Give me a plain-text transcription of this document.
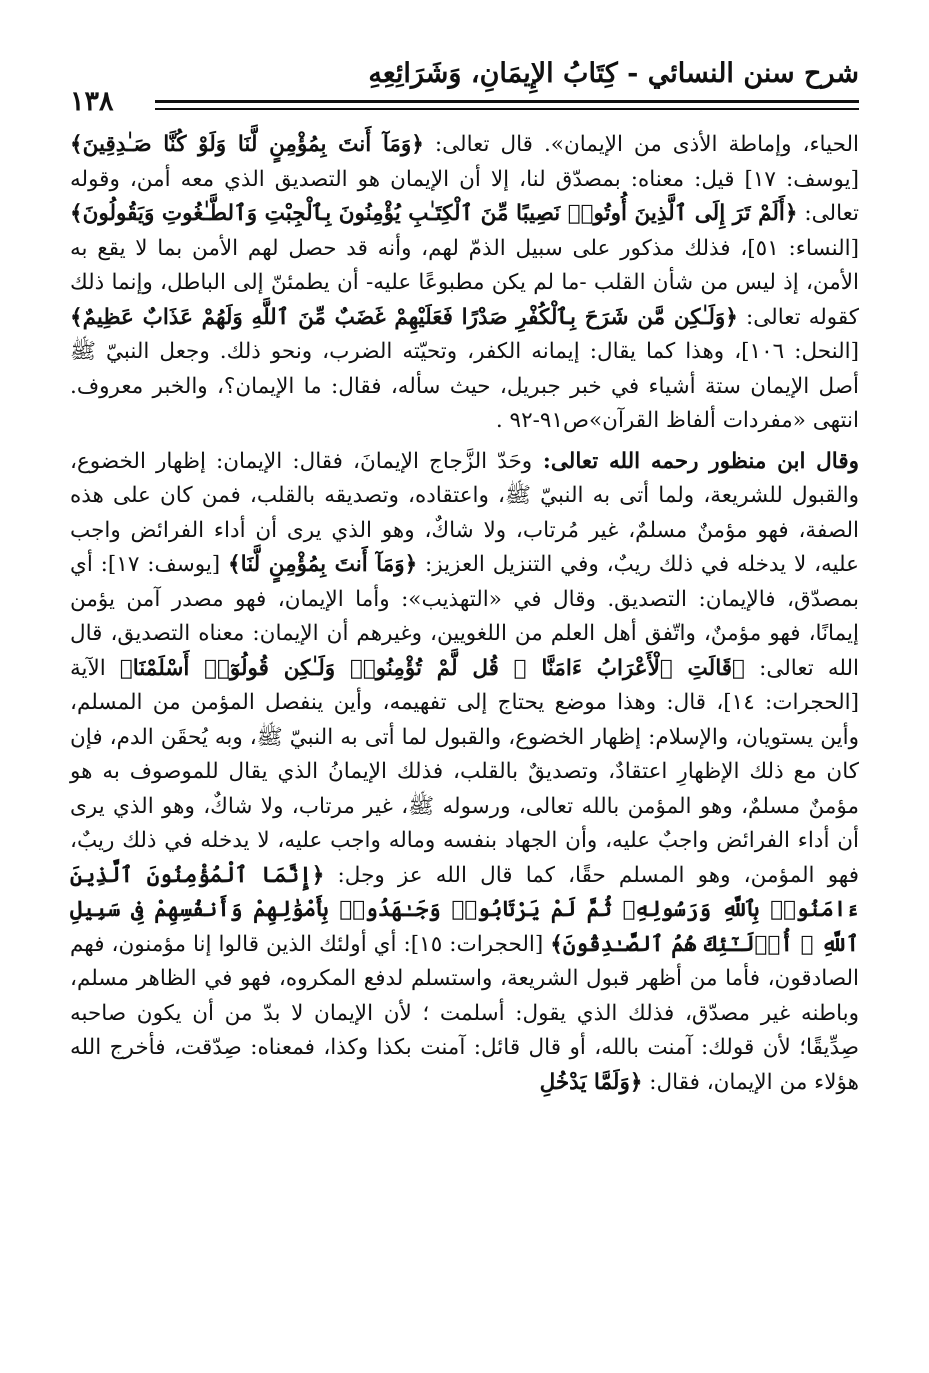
شرح سنن النسائي - كِتَابُ الإِيمَانِ، وَشَرَائِعِهِ
١٣٨

الحياء، وإماطة الأذى من الإيمان». قال تعالى: ﴿وَمَآ أَنتَ بِمُؤْمِنٍ لَّنَا وَلَوْ كُنَّا صَـٰدِقِينَ﴾ [يوسف: ١٧] قيل: معناه: بمصدّق لنا، إلا أن الإيمان هو التصديق الذي معه أمن، وقوله تعالى: ﴿أَلَمْ تَرَ إِلَى ٱلَّذِينَ أُوتُوا۟ نَصِيبًا مِّنَ ٱلْكِتَـٰبِ يُؤْمِنُونَ بِٱلْجِبْتِ وَٱلطَّـٰغُوتِ وَيَقُولُونَ﴾ [النساء: ٥١]، فذلك مذكور على سبيل الذمّ لهم، وأنه قد حصل لهم الأمن بما لا يقع به الأمن، إذ ليس من شأن القلب -ما لم يكن مطبوعًا عليه- أن يطمئنّ إلى الباطل، وإنما ذلك كقوله تعالى: ﴿وَلَـٰكِن مَّن شَرَحَ بِٱلْكُفْرِ صَدْرًا فَعَلَيْهِمْ غَضَبٌ مِّنَ ٱللَّهِ وَلَهُمْ عَذَابٌ عَظِيمٌ﴾ [النحل: ١٠٦]، وهذا كما يقال: إيمانه الكفر، وتحيّته الضرب، ونحو ذلك. وجعل النبيّ ﷺ أصل الإيمان ستة أشياء في خبر جبريل، حيث سأله، فقال: ما الإيمان؟، والخبر معروف. انتهى «مفردات ألفاظ القرآن»ص٩١-٩٢ .

وقال ابن منظور رحمه الله تعالى: وحَدّ الزَّجاج الإيمانَ، فقال: الإيمان: إظهار الخضوع، والقبول للشريعة، ولما أتى به النبيّ ﷺ، واعتقاده، وتصديقه بالقلب، فمن كان على هذه الصفة، فهو مؤمنٌ مسلمٌ، غير مُرتاب، ولا شاكٌ، وهو الذي يرى أن أداء الفرائض واجب عليه، لا يدخله في ذلك ريبٌ، وفي التنزيل العزيز: ﴿وَمَآ أَنتَ بِمُؤْمِنٍ لَّنَا﴾ [يوسف: ١٧]: أي بمصدّق، فالإيمان: التصديق. وقال في «التهذيب»: وأما الإيمان، فهو مصدر آمن يؤمن إيمانًا، فهو مؤمنٌ، واتّفق أهل العلم من اللغويين، وغيرهم أن الإيمان: معناه التصديق، قال الله تعالى: ﴿قَالَتِ ٱلْأَعْرَابُ ءَامَنَّا ۖ قُل لَّمْ تُؤْمِنُوا۟ وَلَـٰكِن قُولُوٓا۟ أَسْلَمْنَا﴾ الآية [الحجرات: ١٤]، قال: وهذا موضع يحتاج إلى تفهيمه، وأين ينفصل المؤمن من المسلم، وأين يستويان، والإسلام: إظهار الخضوع، والقبول لما أتى به النبيّ ﷺ، وبه يُحقَن الدم، فإن كان مع ذلك الإظهارِ اعتقادٌ، وتصديقٌ بالقلب، فذلك الإيمانُ الذي يقال للموصوف به هو مؤمنٌ مسلمٌ، وهو المؤمن بالله تعالى، ورسوله ﷺ، غير مرتاب، ولا شاكٌ، وهو الذي يرى أن أداء الفرائض واجبٌ عليه، وأن الجهاد بنفسه وماله واجب عليه، لا يدخله في ذلك ريبٌ، فهو المؤمن، وهو المسلم حقًا، كما قال الله عز وجل: ﴿إِنَّمَا ٱلْمُؤْمِنُونَ ٱلَّذِينَ ءَامَنُوا۟ بِٱللَّهِ وَرَسُولِهِۦ ثُمَّ لَمْ يَرْتَابُوا۟ وَجَـٰهَدُوا۟ بِأَمْوَٰلِهِمْ وَأَنفُسِهِمْ فِى سَبِيلِ ٱللَّهِ ۚ أُو۟لَـٰٓئِكَ هُمُ ٱلصَّـٰدِقُونَ﴾ [الحجرات: ١٥]: أي أولئك الذين قالوا إنا مؤمنون، فهم الصادقون، فأما من أظهر قبول الشريعة، واستسلم لدفع المكروه، فهو في الظاهر مسلم، وباطنه غير مصدّق، فذلك الذي يقول: أسلمت ؛ لأن الإيمان لا بدّ من أن يكون صاحبه صِدِّيقًا؛ لأن قولك: آمنت بالله، أو قال قائل: آمنت بكذا وكذا، فمعناه: صِدّقت، فأخرج الله هؤلاء من الإيمان، فقال: ﴿وَلَمَّا يَدْخُلِ
